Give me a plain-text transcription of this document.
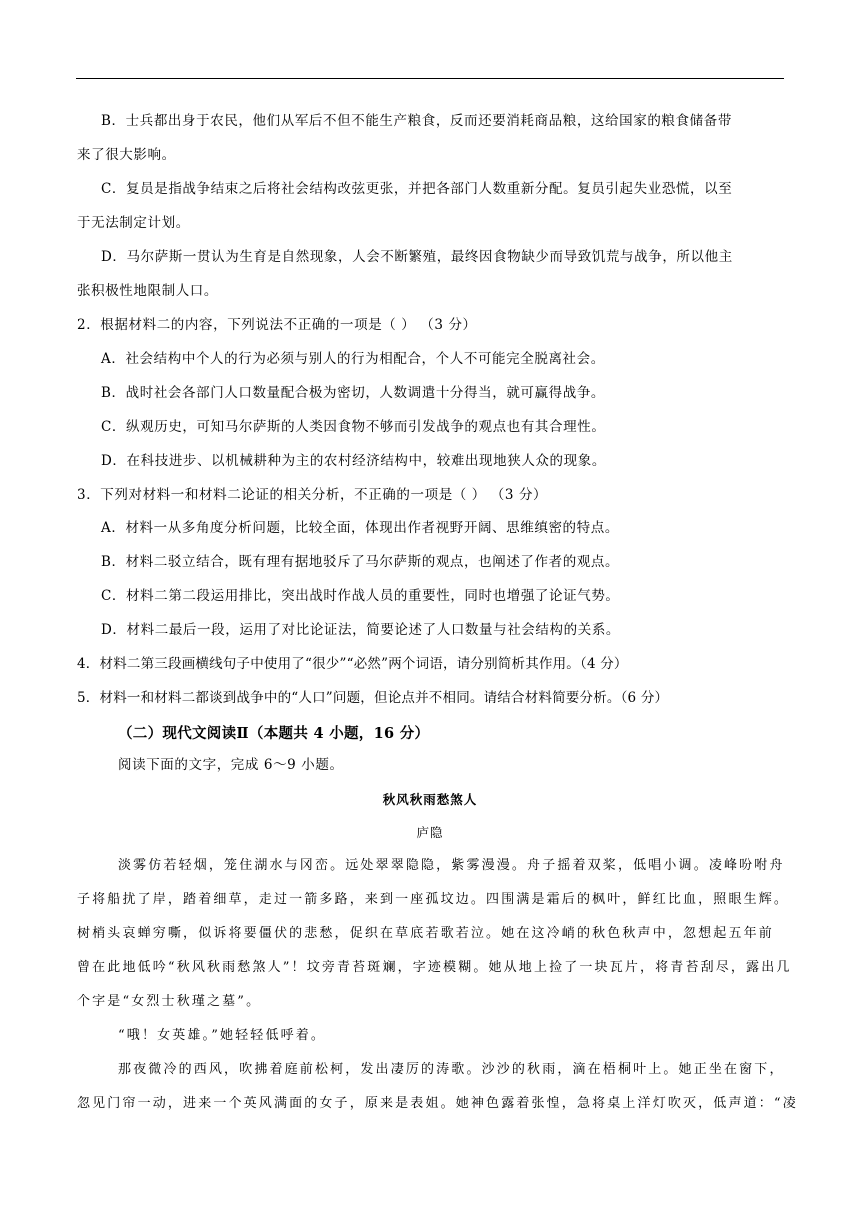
B．士兵都出身于农民，他们从军后不但不能生产粮食，反而还要消耗商品粮，这给国家的粮食储备带
来了很大影响。
C．复员是指战争结束之后将社会结构改弦更张，并把各部门人数重新分配。复员引起失业恐慌，以至
于无法制定计划。
D．马尔萨斯一贯认为生育是自然现象，人会不断繁殖，最终因食物缺少而导致饥荒与战争，所以他主
张积极性地限制人口。
2．根据材料二的内容，下列说法不正确的一项是（ ） （3 分）
A．社会结构中个人的行为必须与别人的行为相配合，个人不可能完全脱离社会。
B．战时社会各部门人口数量配合极为密切，人数调遣十分得当，就可赢得战争。
C．纵观历史，可知马尔萨斯的人类因食物不够而引发战争的观点也有其合理性。
D．在科技进步、以机械耕种为主的农村经济结构中，较难出现地狭人众的现象。
3．下列对材料一和材料二论证的相关分析，不正确的一项是（ ） （3 分）
A．材料一从多角度分析问题，比较全面，体现出作者视野开阔、思维缜密的特点。
B．材料二驳立结合，既有理有据地驳斥了马尔萨斯的观点，也阐述了作者的观点。
C．材料二第二段运用排比，突出战时作战人员的重要性，同时也增强了论证气势。
D．材料二最后一段，运用了对比论证法，简要论述了人口数量与社会结构的关系。
4．材料二第三段画横线句子中使用了“很少”“必然”两个词语，请分别简析其作用。（4 分）
5．材料一和材料二都谈到战争中的“人口”问题，但论点并不相同。请结合材料简要分析。（6 分）
（二）现代文阅读Ⅱ（本题共 4 小题，16 分）
阅读下面的文字，完成 6～9 小题。
秋风秋雨愁煞人
庐隐
淡雾仿若轻烟，笼住湖水与冈峦。远处翠翠隐隐，紫雾漫漫。舟子摇着双桨，低唱小调。凌峰吩咐舟
子将船扰了岸，踏着细草，走过一箭多路，来到一座孤坟边。四围满是霜后的枫叶，鲜红比血，照眼生辉。
树梢头哀蝉穷嘶，似诉将要僵伏的悲愁，促织在草底若歌若泣。她在这冷峭的秋色秋声中，忽想起五年前
曾在此地低吟“秋风秋雨愁煞人”！坟旁青苔斑斓，字迹模糊。她从地上捡了一块瓦片，将青苔刮尽，露出几
个字是“女烈士秋瑾之墓”。
“哦！女英雄。”她轻轻低呼着。
那夜微冷的西风，吹拂着庭前松柯，发出凄厉的涛歌。沙沙的秋雨，滴在梧桐叶上。她正坐在窗下，
忽见门帘一动，进来一个英风满面的女子，原来是表姐。她神色露着张惶，急将桌上洋灯吹灭，低声道：“凌
